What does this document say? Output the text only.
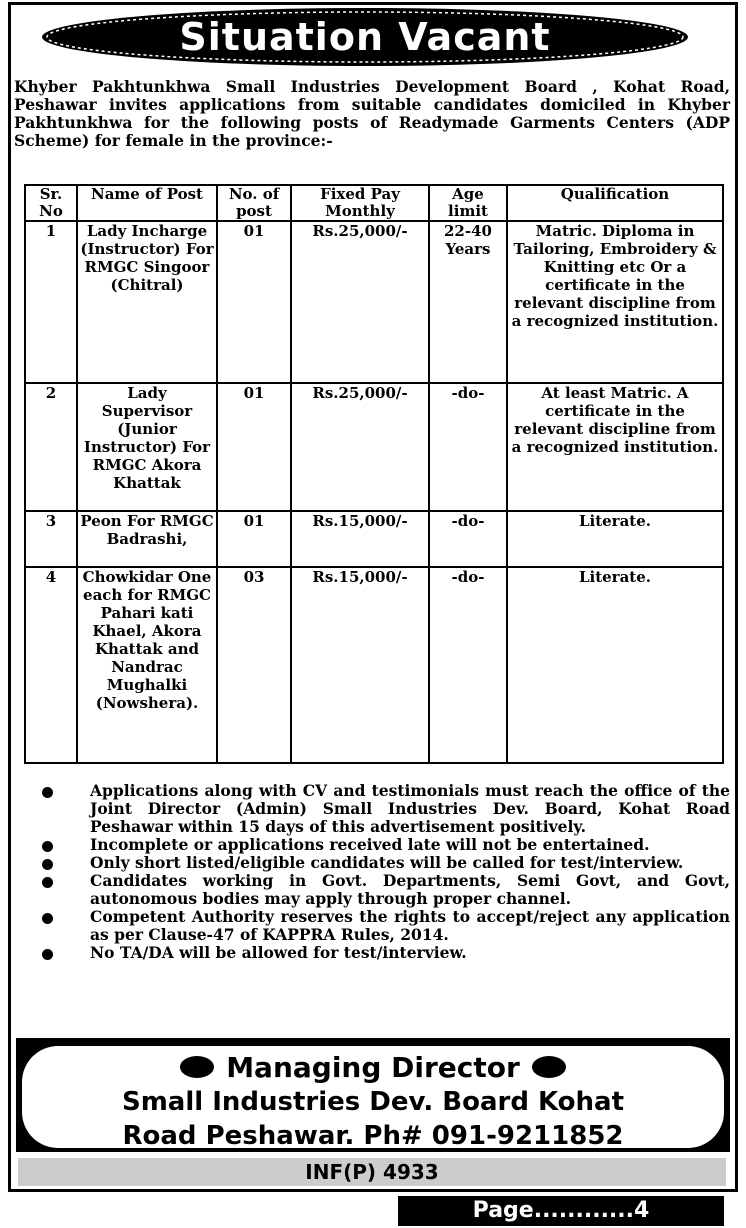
Situation Vacant

Khyber Pakhtunkhwa Small Industries Development Board , Kohat Road, Peshawar invites applications from suitable candidates domiciled in Khyber Pakhtunkhwa for the following posts of Readymade Garments Centers (ADP Scheme) for female in the province:-

Sr. No	Name of Post	No. of post	Fixed Pay Monthly	Age limit	Qualification
1	Lady Incharge (Instructor) For RMGC Singoor (Chitral)	01	Rs.25,000/-	22-40 Years	Matric. Diploma in Tailoring, Embroidery & Knitting etc Or a certificate in the relevant discipline from a recognized institution.
2	Lady Supervisor (Junior Instructor) For RMGC Akora Khattak	01	Rs.25,000/-	-do-	At least Matric. A certificate in the relevant discipline from a recognized institution.
3	Peon For RMGC Badrashi,	01	Rs.15,000/-	-do-	Literate.
4	Chowkidar One each for RMGC Pahari kati Khael, Akora Khattak and Nandrac Mughalki (Nowshera).	03	Rs.15,000/-	-do-	Literate.
Applications along with CV and testimonials must reach the office of the Joint Director (Admin) Small Industries Dev. Board, Kohat Road Peshawar within 15 days of this advertisement positively.
Incomplete or applications received late will not be entertained.
Only short listed/eligible candidates will be called for test/interview.
Candidates working in Govt. Departments, Semi Govt, and Govt, autonomous bodies may apply through proper channel.
Competent Authority reserves the rights to accept/reject any application as per Clause-47 of KAPPRA Rules, 2014.
No TA/DA will be allowed for test/interview.
Managing Director
Small Industries Dev. Board Kohat
Road Peshawar. Ph# 091-9211852
INF(P) 4933
Page............4
